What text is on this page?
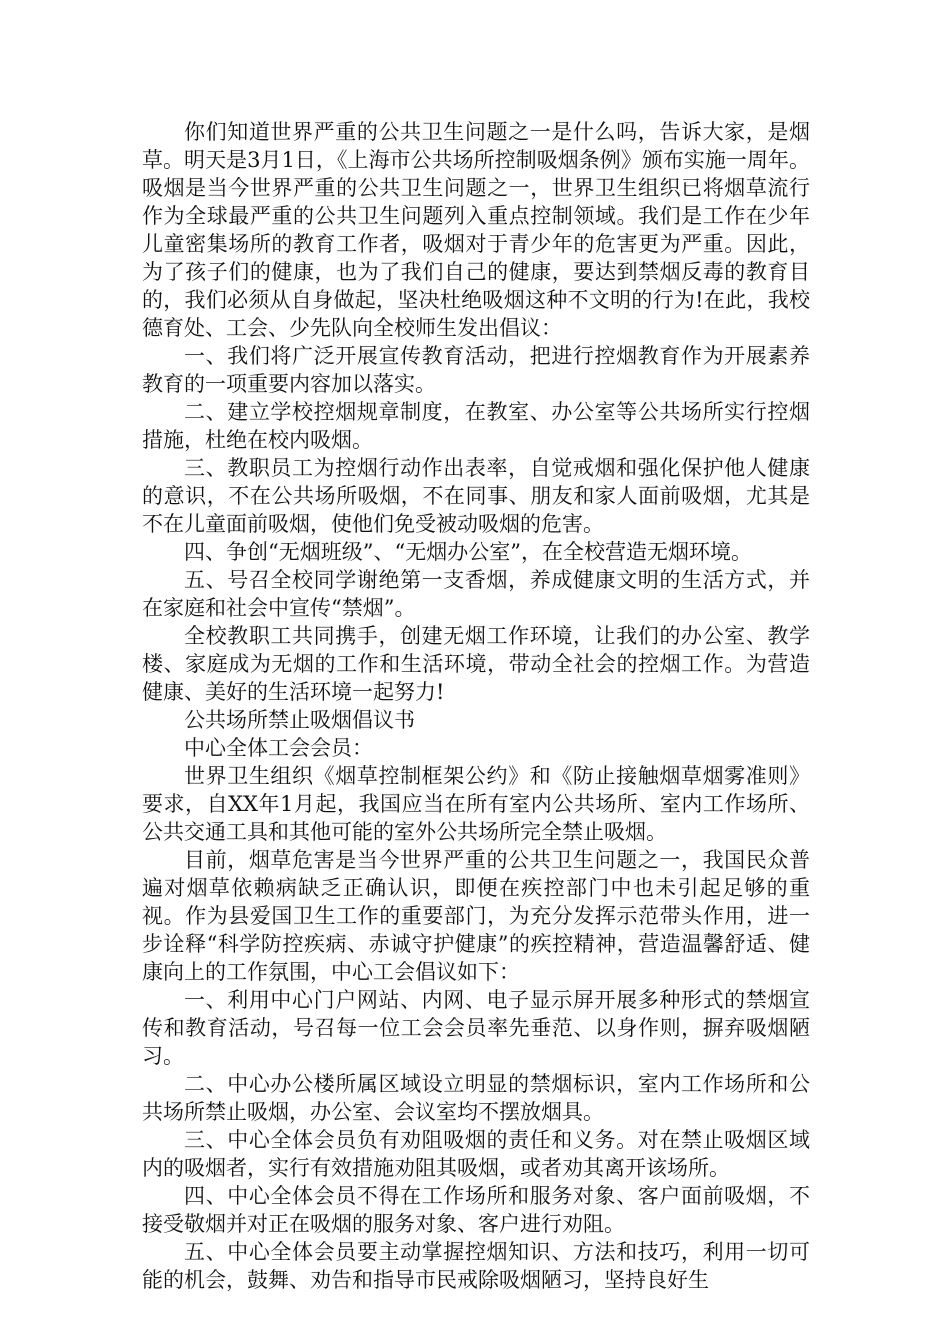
你们知道世界严重的公共卫生问题之一是什么吗，告诉大家，是烟草。明天是3月1日，《上海市公共场所控制吸烟条例》颁布实施一周年。吸烟是当今世界严重的公共卫生问题之一，世界卫生组织已将烟草流行作为全球最严重的公共卫生问题列入重点控制领域。我们是工作在少年儿童密集场所的教育工作者，吸烟对于青少年的危害更为严重。因此，为了孩子们的健康，也为了我们自己的健康，要达到禁烟反毒的教育目的，我们必须从自身做起，坚决杜绝吸烟这种不文明的行为!在此，我校德育处、工会、少先队向全校师生发出倡议：

一、我们将广泛开展宣传教育活动，把进行控烟教育作为开展素养教育的一项重要内容加以落实。

二、建立学校控烟规章制度，在教室、办公室等公共场所实行控烟措施，杜绝在校内吸烟。

三、教职员工为控烟行动作出表率，自觉戒烟和强化保护他人健康的意识，不在公共场所吸烟，不在同事、朋友和家人面前吸烟，尤其是不在儿童面前吸烟，使他们免受被动吸烟的危害。

四、争创“无烟班级”、“无烟办公室”，在全校营造无烟环境。

五、号召全校同学谢绝第一支香烟，养成健康文明的生活方式，并在家庭和社会中宣传“禁烟”。

全校教职工共同携手，创建无烟工作环境，让我们的办公室、教学楼、家庭成为无烟的工作和生活环境，带动全社会的控烟工作。为营造健康、美好的生活环境一起努力!

公共场所禁止吸烟倡议书

中心全体工会会员：

世界卫生组织《烟草控制框架公约》和《防止接触烟草烟雾准则》要求，自XX年1月起，我国应当在所有室内公共场所、室内工作场所、公共交通工具和其他可能的室外公共场所完全禁止吸烟。

目前，烟草危害是当今世界严重的公共卫生问题之一，我国民众普遍对烟草依赖病缺乏正确认识，即便在疾控部门中也未引起足够的重视。作为县爱国卫生工作的重要部门，为充分发挥示范带头作用，进一步诠释“科学防控疾病、赤诚守护健康”的疾控精神，营造温馨舒适、健康向上的工作氛围，中心工会倡议如下：

一、利用中心门户网站、内网、电子显示屏开展多种形式的禁烟宣传和教育活动，号召每一位工会会员率先垂范、以身作则，摒弃吸烟陋习。

二、中心办公楼所属区域设立明显的禁烟标识，室内工作场所和公共场所禁止吸烟，办公室、会议室均不摆放烟具。

三、中心全体会员负有劝阻吸烟的责任和义务。对在禁止吸烟区域内的吸烟者，实行有效措施劝阻其吸烟，或者劝其离开该场所。

四、中心全体会员不得在工作场所和服务对象、客户面前吸烟，不接受敬烟并对正在吸烟的服务对象、客户进行劝阻。

五、中心全体会员要主动掌握控烟知识、方法和技巧，利用一切可能的机会，鼓舞、劝告和指导市民戒除吸烟陋习，坚持良好生
